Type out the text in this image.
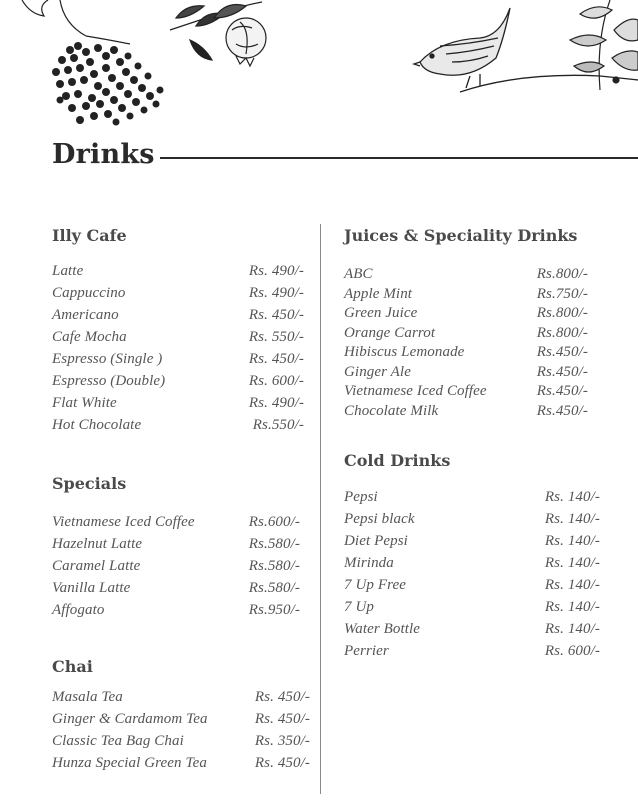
Drinks
Illy Cafe
Latte	Rs. 490/-
Cappuccino	Rs. 490/-
Americano	Rs. 450/-
Cafe Mocha	Rs. 550/-
Espresso (Single )	Rs. 450/-
Espresso (Double)	Rs. 600/-
Flat White	Rs. 490/-
Hot Chocolate	Rs.550/-
Specials
Vietnamese Iced Coffee	Rs.600/-
Hazelnut Latte	Rs.580/-
Caramel Latte	Rs.580/-
Vanilla Latte	Rs.580/-
Affogato	Rs.950/-
Chai
Masala Tea	Rs. 450/-
Ginger & Cardamom Tea	Rs. 450/-
Classic Tea Bag Chai	Rs. 350/-
Hunza Special Green Tea	Rs. 450/-
Juices & Speciality Drinks
ABC	Rs.800/-
Apple Mint	Rs.750/-
Green Juice	Rs.800/-
Orange Carrot	Rs.800/-
Hibiscus Lemonade	Rs.450/-
Ginger Ale	Rs.450/-
Vietnamese Iced Coffee	Rs.450/-
Chocolate Milk	Rs.450/-
Cold Drinks
Pepsi	Rs. 140/-
Pepsi black	Rs. 140/-
Diet Pepsi	Rs. 140/-
Mirinda	Rs. 140/-
7 Up Free	Rs. 140/-
7 Up	Rs. 140/-
Water Bottle	Rs. 140/-
Perrier	Rs. 600/-
